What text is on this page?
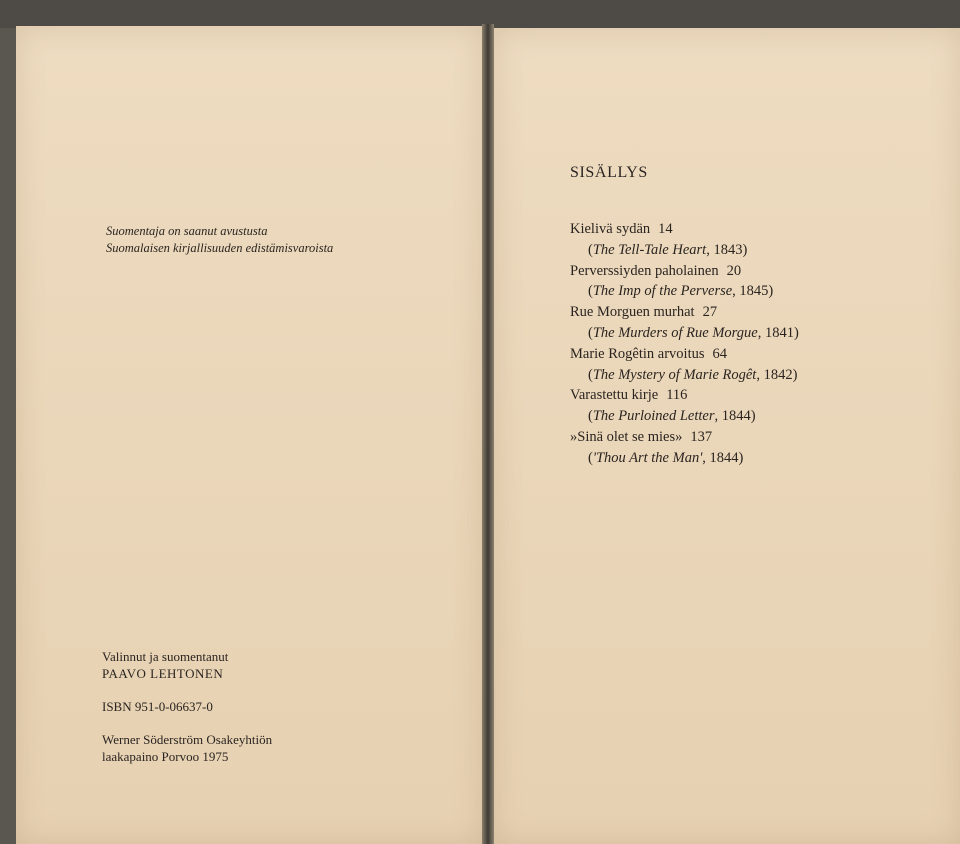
Suomentaja on saanut avustusta
Suomalaisen kirjallisuuden edistämisvaroista
Valinnut ja suomentanut
PAAVO LEHTONEN
ISBN 951-0-06637-0
Werner Söderström Osakeyhtiön
laakapaino Porvoo 1975
SISÄLLYS
Kielivä sydän 14
(The Tell-Tale Heart, 1843)
Perverssiyden paholainen 20
(The Imp of the Perverse, 1845)
Rue Morguen murhat 27
(The Murders of Rue Morgue, 1841)
Marie Rogêtin arvoitus 64
(The Mystery of Marie Rogêt, 1842)
Varastettu kirje 116
(The Purloined Letter, 1844)
»Sinä olet se mies» 137
('Thou Art the Man', 1844)
